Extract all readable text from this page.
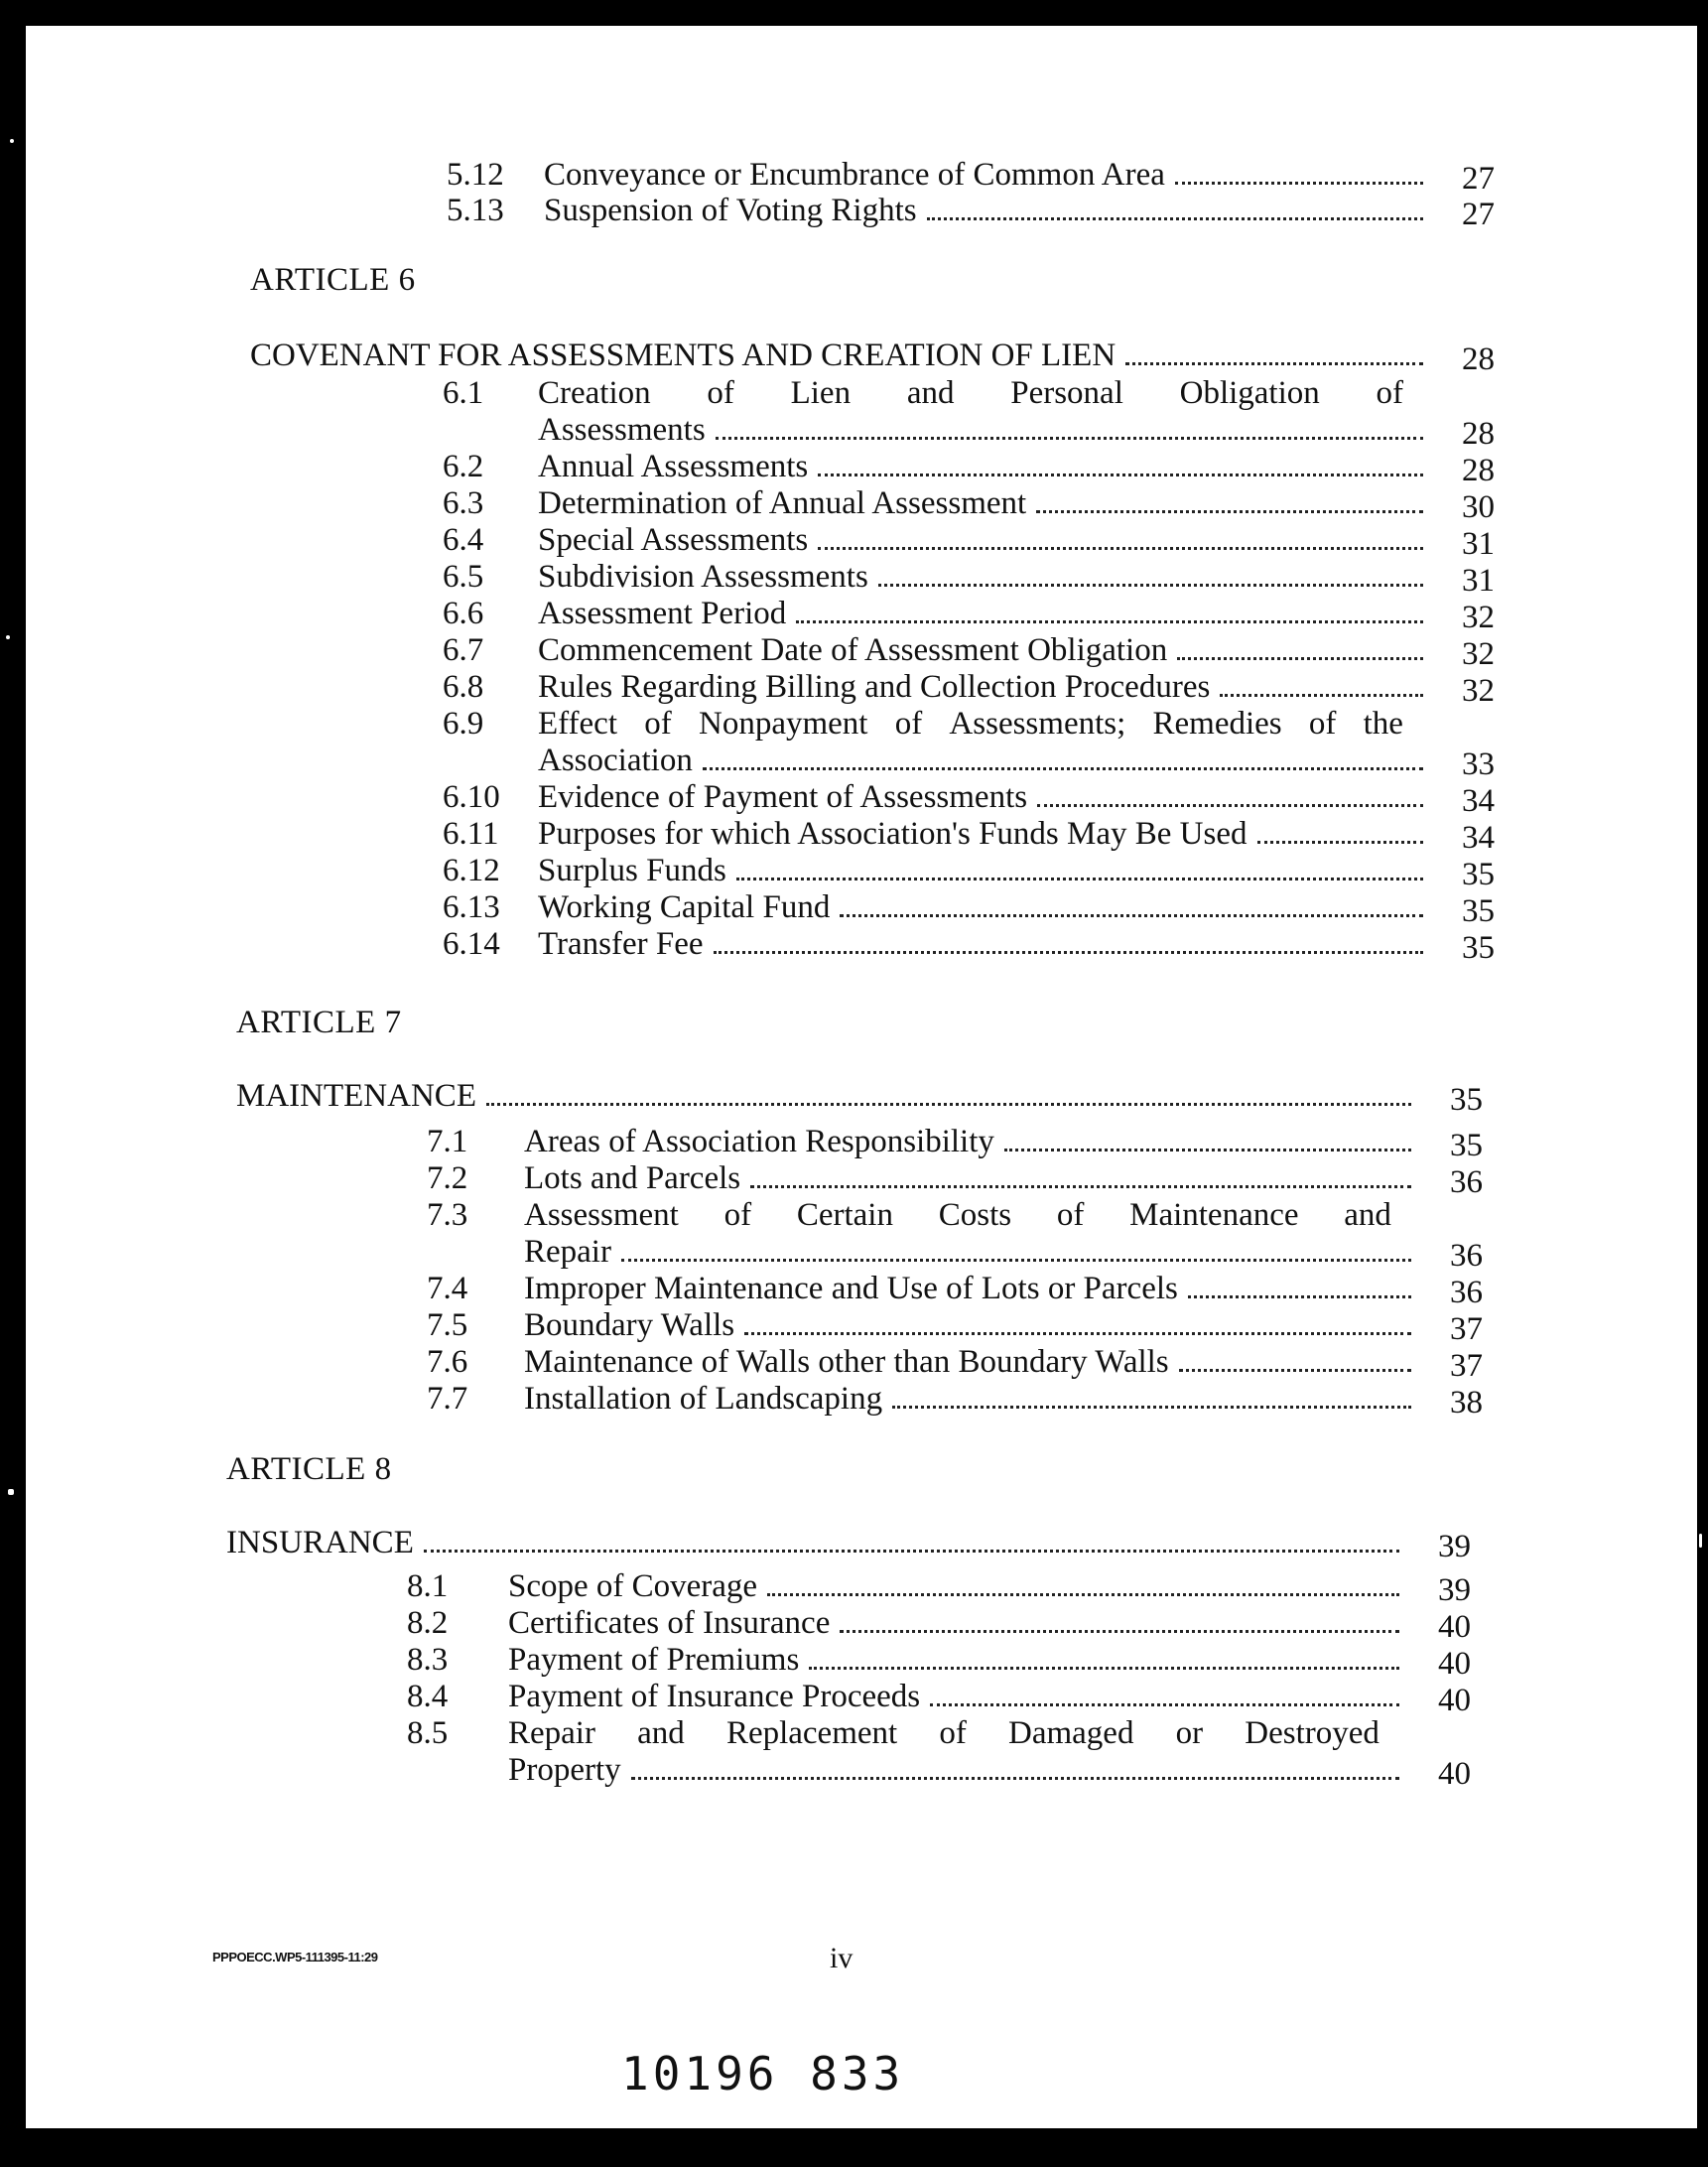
5.12 Conveyance or Encumbrance of Common Area	27
5.13 Suspension of Voting Rights	27
ARTICLE 6
COVENANT FOR ASSESSMENTS AND CREATION OF LIEN	28
6.1 Creation of Lien and Personal Obligation of
Assessments	28
6.2 Annual Assessments	28
6.3 Determination of Annual Assessment	30
6.4 Special Assessments	31
6.5 Subdivision Assessments	31
6.6 Assessment Period	32
6.7 Commencement Date of Assessment Obligation	32
6.8 Rules Regarding Billing and Collection Procedures	32
6.9 Effect of Nonpayment of Assessments; Remedies of the
Association	33
6.10 Evidence of Payment of Assessments	34
6.11 Purposes for which Association's Funds May Be Used	34
6.12 Surplus Funds	35
6.13 Working Capital Fund	35
6.14 Transfer Fee	35
ARTICLE 7
MAINTENANCE	35
7.1 Areas of Association Responsibility	35
7.2 Lots and Parcels	36
7.3 Assessment of Certain Costs of Maintenance and
Repair	36
7.4 Improper Maintenance and Use of Lots or Parcels	36
7.5 Boundary Walls	37
7.6 Maintenance of Walls other than Boundary Walls	37
7.7 Installation of Landscaping	38
ARTICLE 8
INSURANCE	39
8.1 Scope of Coverage	39
8.2 Certificates of Insurance	40
8.3 Payment of Premiums	40
8.4 Payment of Insurance Proceeds	40
8.5 Repair and Replacement of Damaged or Destroyed
Property	40
PPPOECC.WP5-111395-11:29	iv
10196 833
